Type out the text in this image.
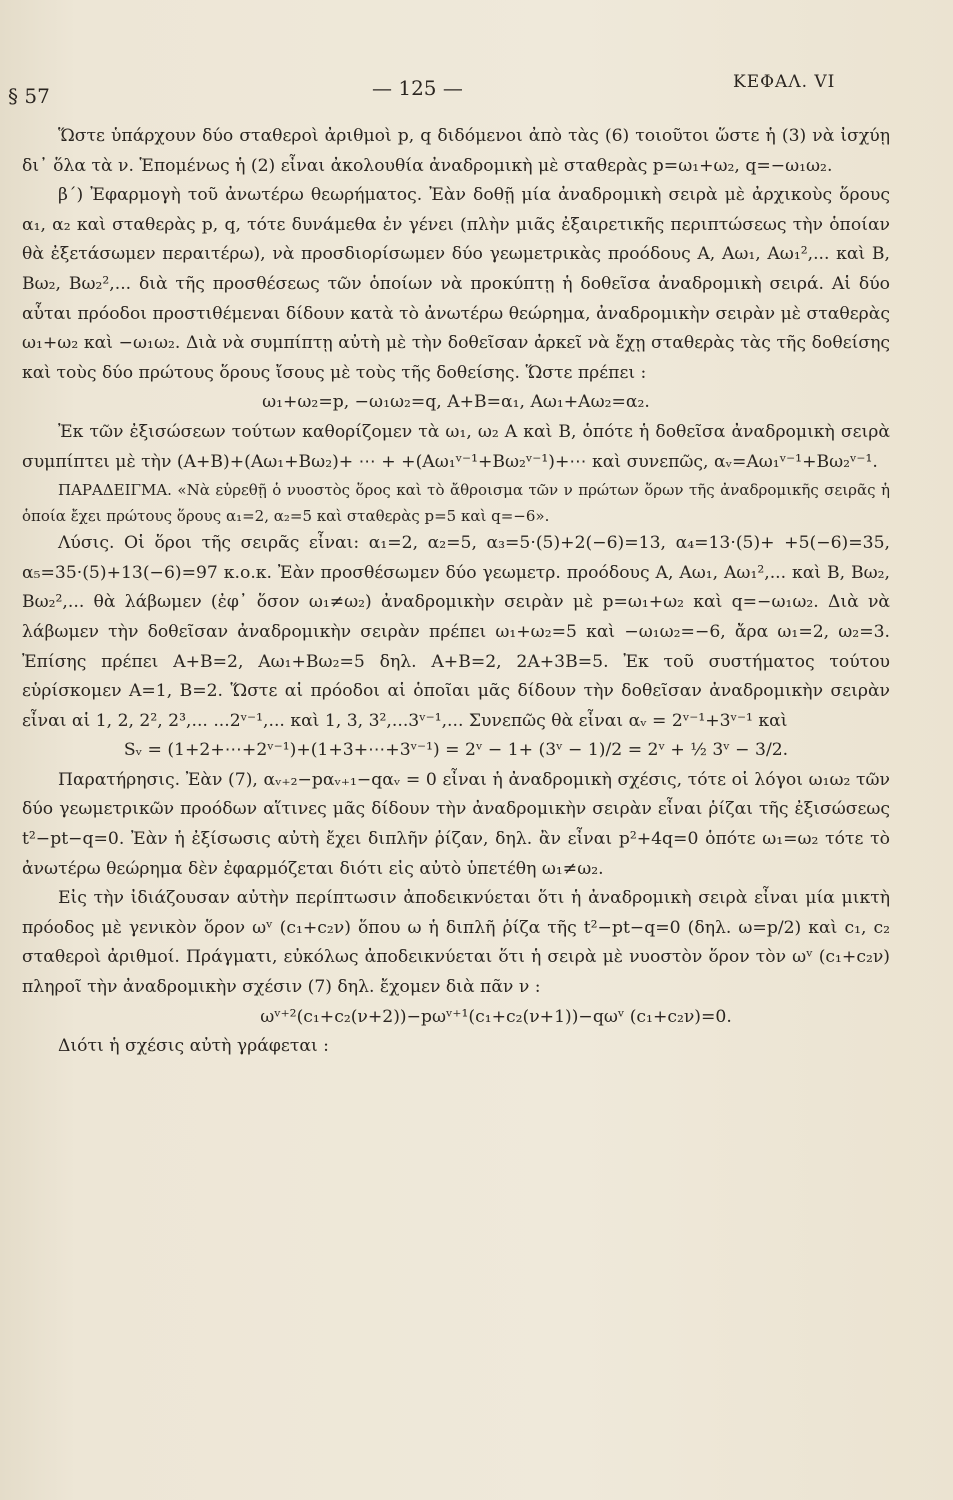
§ 57	— 125 —	ΚΕΦΑΛ. VI

Ὥστε ὑπάρχουν δύο σταθεροὶ ἀριθμοὶ p, q διδόμενοι ἀπὸ τὰς (6) τοιοῦτοι ὥστε ἡ (3) νὰ ἰσχύῃ δι᾽ ὅλα τὰ ν. Ἑπομένως ἡ (2) εἶναι ἀκολουθία ἀναδρομικὴ μὲ σταθερὰς p=ω₁+ω₂, q=−ω₁ω₂.

β΄) Ἐφαρμογὴ τοῦ ἀνωτέρω θεωρήματος. Ἐὰν δοθῇ μία ἀναδρομικὴ σειρὰ μὲ ἀρχικοὺς ὅρους α₁, α₂ καὶ σταθερὰς p, q, τότε δυνάμεθα ἐν γένει (πλὴν μιᾶς ἐξαιρετικῆς περιπτώσεως τὴν ὁποίαν θὰ ἐξετάσωμεν περαιτέρω), νὰ προσδιορίσωμεν δύο γεωμετρικὰς προόδους Α, Αω₁, Αω₁²,... καὶ Β, Βω₂, Βω₂²,... διὰ τῆς προσθέσεως τῶν ὁποίων νὰ προκύπτῃ ἡ δοθεῖσα ἀναδρομικὴ σειρά. Αἱ δύο αὗται πρόοδοι προστιθέμεναι δίδουν κατὰ τὸ ἀνωτέρω θεώρημα, ἀναδρομικὴν σειρὰν μὲ σταθερὰς ω₁+ω₂ καὶ −ω₁ω₂. Διὰ νὰ συμπίπτῃ αὐτὴ μὲ τὴν δοθεῖσαν ἀρκεῖ νὰ ἔχῃ σταθερὰς τὰς τῆς δοθείσης καὶ τοὺς δύο πρώτους ὅρους ἴσους μὲ τοὺς τῆς δοθείσης. Ὥστε πρέπει :

ω₁+ω₂=p, −ω₁ω₂=q, Α+Β=α₁, Αω₁+Αω₂=α₂.

Ἐκ τῶν ἐξισώσεων τούτων καθορίζομεν τὰ ω₁, ω₂ Α καὶ Β, ὁπότε ἡ δοθεῖσα ἀναδρομικὴ σειρὰ συμπίπτει μὲ τὴν (Α+Β)+(Αω₁+Βω₂)+ ⋯ + +(Αω₁ᵛ⁻¹+Βω₂ᵛ⁻¹)+⋯ καὶ συνεπῶς, αᵥ=Αω₁ᵛ⁻¹+Βω₂ᵛ⁻¹.

ΠΑΡΑΔΕΙΓΜΑ. «Νὰ εὑρεθῇ ὁ νυοστὸς ὅρος καὶ τὸ ἄθροισμα τῶν ν πρώτων ὅρων τῆς ἀναδρομικῆς σειρᾶς ἡ ὁποία ἔχει πρώτους ὅρους α₁=2, α₂=5 καὶ σταθερὰς p=5 καὶ q=−6».

Λύσις. Οἱ ὅροι τῆς σειρᾶς εἶναι: α₁=2, α₂=5, α₃=5·(5)+2(−6)=13, α₄=13·(5)+ +5(−6)=35, α₅=35·(5)+13(−6)=97 κ.ο.κ. Ἐὰν προσθέσωμεν δύο γεωμετρ. προόδους Α, Αω₁, Αω₁²,... καὶ Β, Βω₂, Βω₂²,... θὰ λάβωμεν (ἐφ᾽ ὅσον ω₁≠ω₂) ἀναδρομικὴν σειρὰν μὲ p=ω₁+ω₂ καὶ q=−ω₁ω₂. Διὰ νὰ λάβωμεν τὴν δοθεῖσαν ἀναδρομικὴν σειρὰν πρέπει ω₁+ω₂=5 καὶ −ω₁ω₂=−6, ἄρα ω₁=2, ω₂=3. Ἐπίσης πρέπει Α+Β=2, Αω₁+Βω₂=5 δηλ. Α+Β=2, 2Α+3Β=5. Ἐκ τοῦ συστήματος τούτου εὑρίσκομεν Α=1, Β=2. Ὥστε αἱ πρόοδοι αἱ ὁποῖαι μᾶς δίδουν τὴν δοθεῖσαν ἀναδρομικὴν σειρὰν εἶναι αἱ 1, 2, 2², 2³,... ...2ᵛ⁻¹,... καὶ 1, 3, 3²,...3ᵛ⁻¹,... Συνεπῶς θὰ εἶναι αᵥ = 2ᵛ⁻¹+3ᵛ⁻¹ καὶ

Sᵥ = (1+2+⋯+2ᵛ⁻¹)+(1+3+⋯+3ᵛ⁻¹) = 2ᵛ − 1+ (3ᵛ − 1)/2 = 2ᵛ + ½ 3ᵛ − 3/2.

Παρατήρησις. Ἐὰν (7), αᵥ₊₂−pαᵥ₊₁−qαᵥ = 0 εἶναι ἡ ἀναδρομικὴ σχέσις, τότε οἱ λόγοι ω₁ω₂ τῶν δύο γεωμετρικῶν προόδων αἵτινες μᾶς δίδουν τὴν ἀναδρομικὴν σειρὰν εἶναι ῥίζαι τῆς ἐξισώσεως t²−pt−q=0. Ἐὰν ἡ ἐξίσωσις αὐτὴ ἔχει διπλῆν ῥίζαν, δηλ. ἂν εἶναι p²+4q=0 ὁπότε ω₁=ω₂ τότε τὸ ἀνωτέρω θεώρημα δὲν ἐφαρμόζεται διότι εἰς αὐτὸ ὑπετέθη ω₁≠ω₂.

Εἰς τὴν ἰδιάζουσαν αὐτὴν περίπτωσιν ἀποδεικνύεται ὅτι ἡ ἀναδρομικὴ σειρὰ εἶναι μία μικτὴ πρόοδος μὲ γενικὸν ὅρον ωᵛ (c₁+c₂ν) ὅπου ω ἡ διπλῆ ῥίζα τῆς t²−pt−q=0 (δηλ. ω=p/2) καὶ c₁, c₂ σταθεροὶ ἀριθμοί. Πράγματι, εὐκόλως ἀποδεικνύεται ὅτι ἡ σειρὰ μὲ νυοστὸν ὅρον τὸν ωᵛ (c₁+c₂ν) πληροῖ τὴν ἀναδρομικὴν σχέσιν (7) δηλ. ἔχομεν διὰ πᾶν ν :

ωᵛ⁺²(c₁+c₂(ν+2))−pωᵛ⁺¹(c₁+c₂(ν+1))−qωᵛ (c₁+c₂ν)=0.

Διότι ἡ σχέσις αὐτὴ γράφεται :
